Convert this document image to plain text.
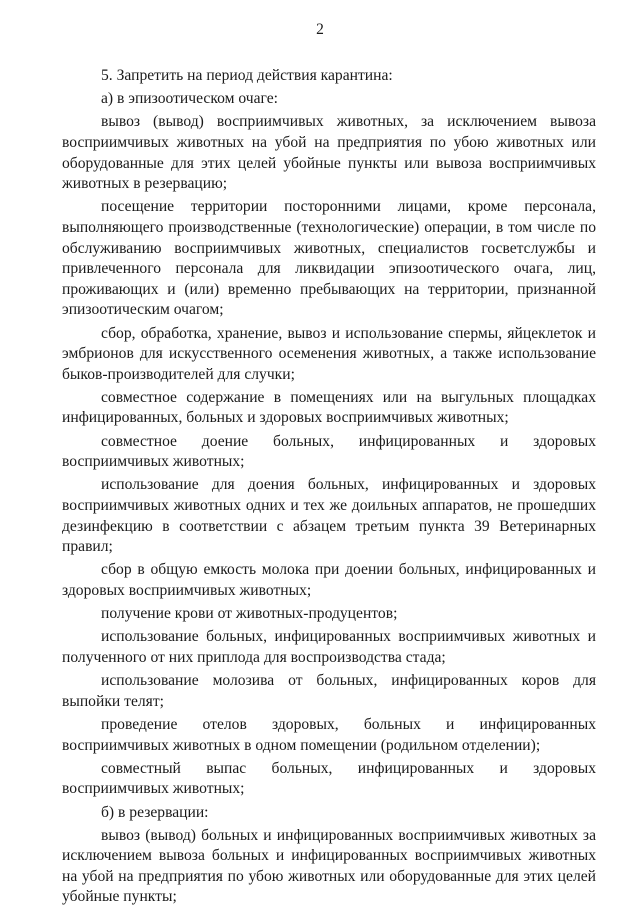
2

5. Запретить на период действия карантина:

а) в эпизоотическом очаге:

вывоз (вывод) восприимчивых животных, за исключением вывоза восприимчивых животных на убой на предприятия по убою животных или оборудованные для этих целей убойные пункты или вывоза восприимчивых животных в резервацию;

посещение территории посторонними лицами, кроме персонала, выполняющего производственные (технологические) операции, в том числе по обслуживанию восприимчивых животных, специалистов госветслужбы и привлеченного персонала для ликвидации эпизоотического очага, лиц, проживающих и (или) временно пребывающих на территории, признанной эпизоотическим очагом;

сбор, обработка, хранение, вывоз и использование спермы, яйцеклеток и эмбрионов для искусственного осеменения животных, а также использование быков-производителей для случки;

совместное содержание в помещениях или на выгульных площадках инфицированных, больных и здоровых восприимчивых животных;

совместное доение больных, инфицированных и здоровых восприимчивых животных;

использование для доения больных, инфицированных и здоровых восприимчивых животных одних и тех же доильных аппаратов, не прошедших дезинфекцию в соответствии с абзацем третьим пункта 39 Ветеринарных правил;

сбор в общую емкость молока при доении больных, инфицированных и здоровых восприимчивых животных;

получение крови от животных-продуцентов;

использование больных, инфицированных восприимчивых животных и полученного от них приплода для воспроизводства стада;

использование молозива от больных, инфицированных коров для выпойки телят;

проведение отелов здоровых, больных и инфицированных восприимчивых животных в одном помещении (родильном отделении);

совместный выпас больных, инфицированных и здоровых восприимчивых животных;

б) в резервации:

вывоз (вывод) больных и инфицированных восприимчивых животных за исключением вывоза больных и инфицированных восприимчивых животных на убой на предприятия по убою животных или оборудованные для этих целей убойные пункты;
